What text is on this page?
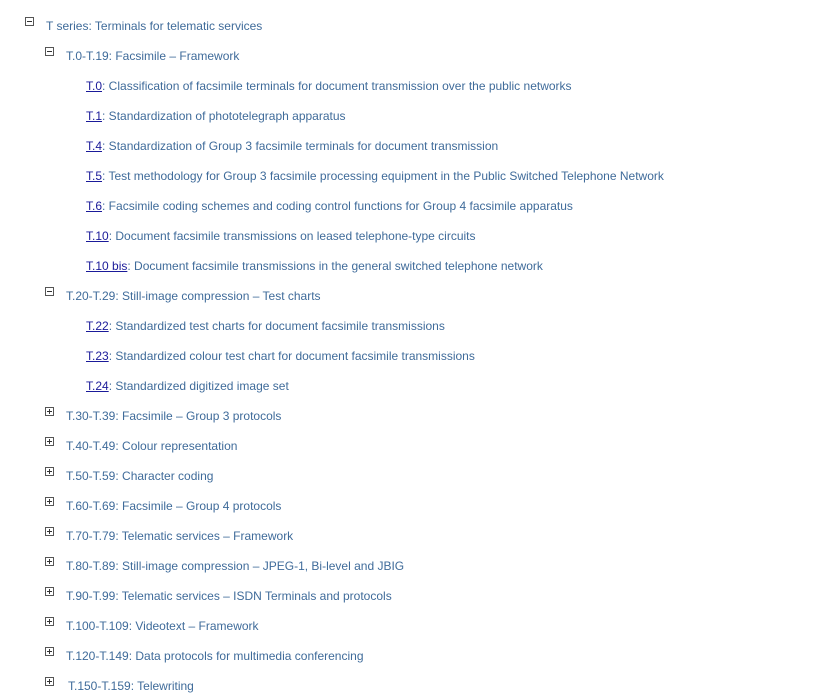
T series: Terminals for telematic services
T.0-T.19: Facsimile – Framework
T.0: Classification of facsimile terminals for document transmission over the public networks
T.1: Standardization of phototelegraph apparatus
T.4: Standardization of Group 3 facsimile terminals for document transmission
T.5: Test methodology for Group 3 facsimile processing equipment in the Public Switched Telephone Network
T.6: Facsimile coding schemes and coding control functions for Group 4 facsimile apparatus
T.10: Document facsimile transmissions on leased telephone-type circuits
T.10 bis: Document facsimile transmissions in the general switched telephone network
T.20-T.29: Still-image compression – Test charts
T.22: Standardized test charts for document facsimile transmissions
T.23: Standardized colour test chart for document facsimile transmissions
T.24: Standardized digitized image set
T.30-T.39: Facsimile – Group 3 protocols
T.40-T.49: Colour representation
T.50-T.59: Character coding
T.60-T.69: Facsimile – Group 4 protocols
T.70-T.79: Telematic services – Framework
T.80-T.89: Still-image compression – JPEG-1, Bi-level and JBIG
T.90-T.99: Telematic services – ISDN Terminals and protocols
T.100-T.109: Videotext – Framework
T.120-T.149: Data protocols for multimedia conferencing
T.150-T.159: Telewriting
